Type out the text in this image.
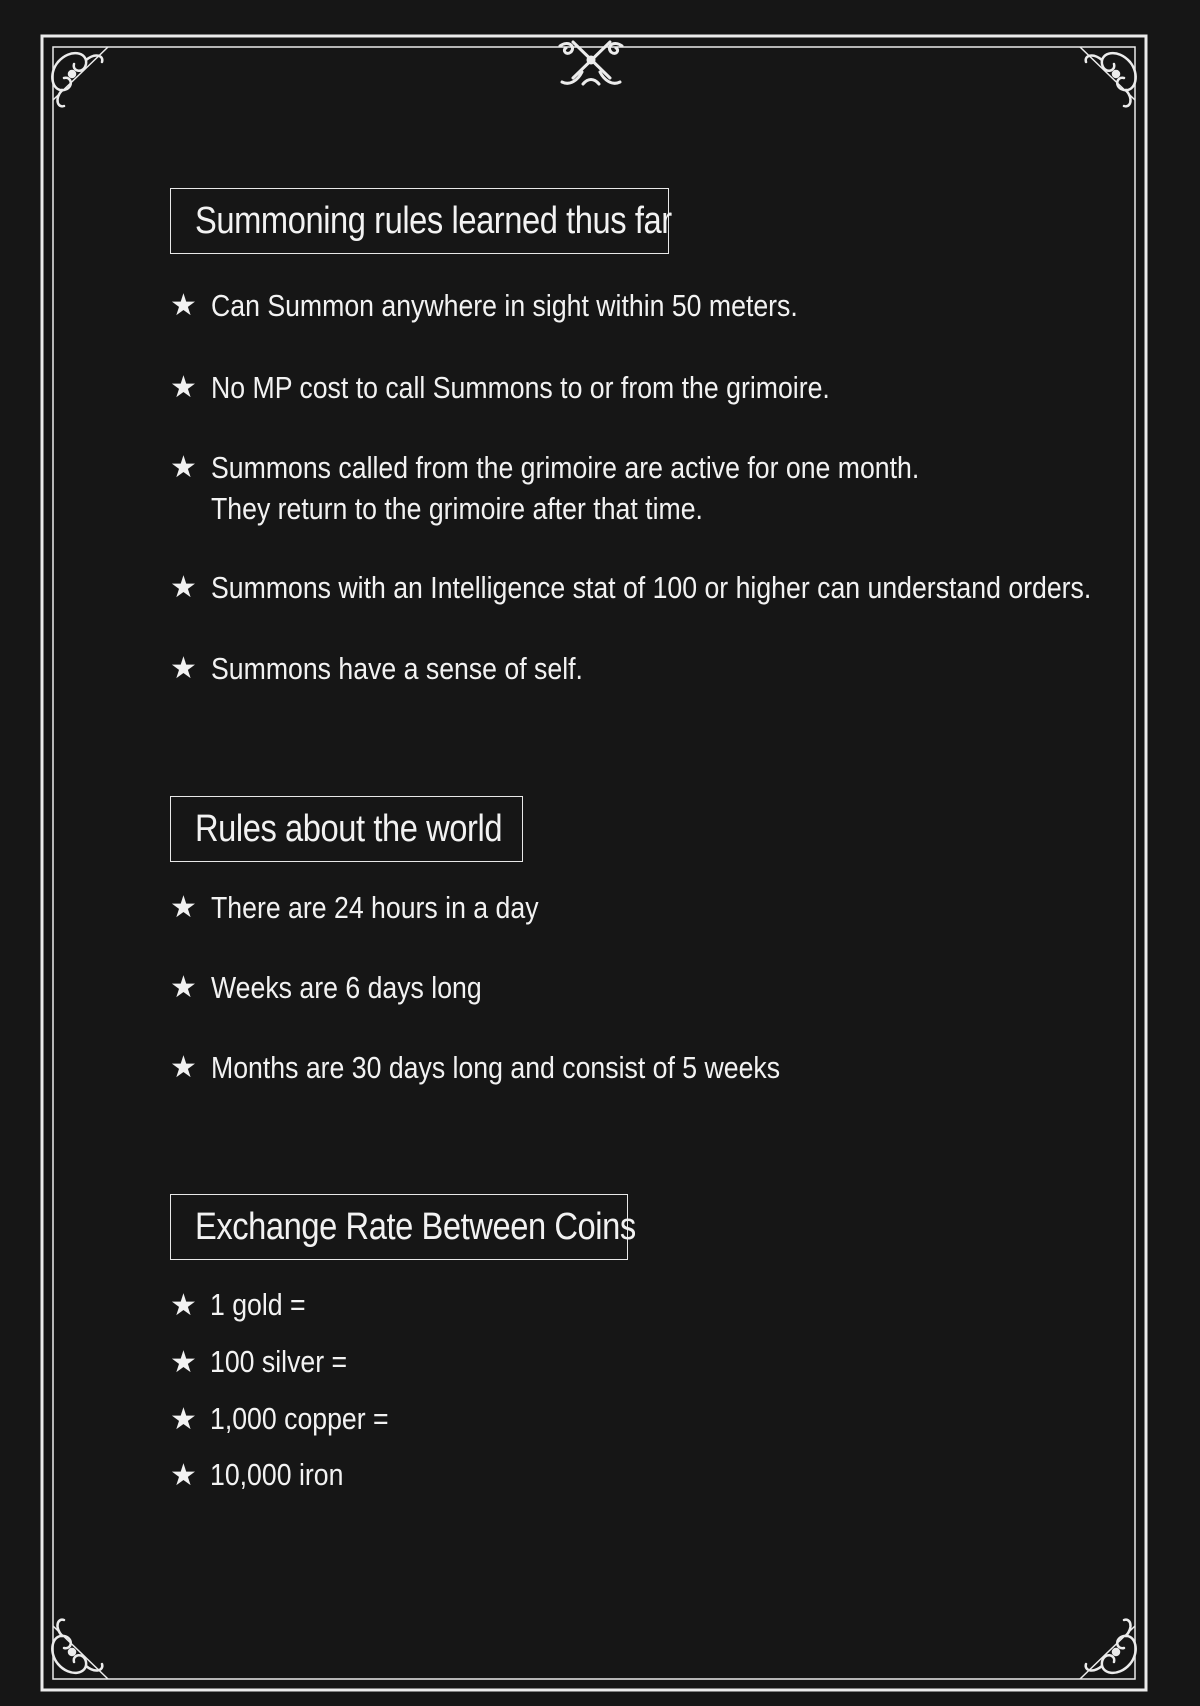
Summoning rules learned thus far
★ Can Summon anywhere in sight within 50 meters.
★ No MP cost to call Summons to or from the grimoire.
★ Summons called from the grimoire are active for one month.
They return to the grimoire after that time.
★ Summons with an Intelligence stat of 100 or higher can understand orders.
★ Summons have a sense of self.
Rules about the world
★ There are 24 hours in a day
★ Weeks are 6 days long
★ Months are 30 days long and consist of 5 weeks
Exchange Rate Between Coins
★ 1 gold =
★ 100 silver =
★ 1,000 copper =
★ 10,000 iron
